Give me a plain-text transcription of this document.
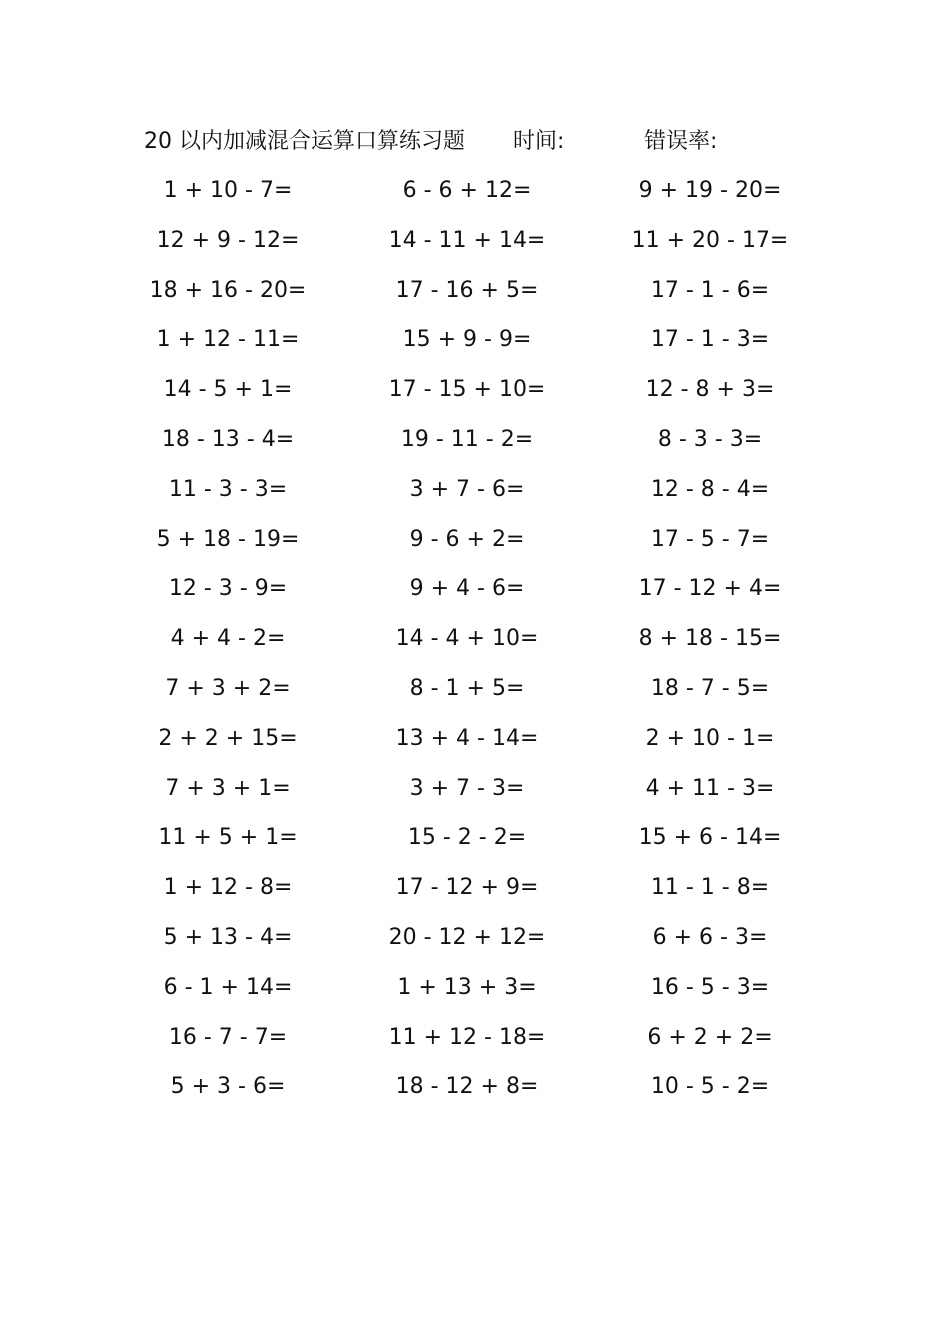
20 以内加减混合运算口算练习题 时间:	错误率:
1 + 10 - 7=	6 - 6 + 12=	9 + 19 - 20=
12 + 9 - 12=	14 - 11 + 14=	11 + 20 - 17=
18 + 16 - 20=	17 - 16 + 5=	17 - 1 - 6=
1 + 12 - 11=	15 + 9 - 9=	17 - 1 - 3=
14 - 5 + 1=	17 - 15 + 10=	12 - 8 + 3=
18 - 13 - 4=	19 - 11 - 2=	8 - 3 - 3=
11 - 3 - 3=	3 + 7 - 6=	12 - 8 - 4=
5 + 18 - 19=	9 - 6 + 2=	17 - 5 - 7=
12 - 3 - 9=	9 + 4 - 6=	17 - 12 + 4=
4 + 4 - 2=	14 - 4 + 10=	8 + 18 - 15=
7 + 3 + 2=	8 - 1 + 5=	18 - 7 - 5=
2 + 2 + 15=	13 + 4 - 14=	2 + 10 - 1=
7 + 3 + 1=	3 + 7 - 3=	4 + 11 - 3=
11 + 5 + 1=	15 - 2 - 2=	15 + 6 - 14=
1 + 12 - 8=	17 - 12 + 9=	11 - 1 - 8=
5 + 13 - 4=	20 - 12 + 12=	6 + 6 - 3=
6 - 1 + 14=	1 + 13 + 3=	16 - 5 - 3=
16 - 7 - 7=	11 + 12 - 18=	6 + 2 + 2=
5 + 3 - 6=	18 - 12 + 8=	10 - 5 - 2=
